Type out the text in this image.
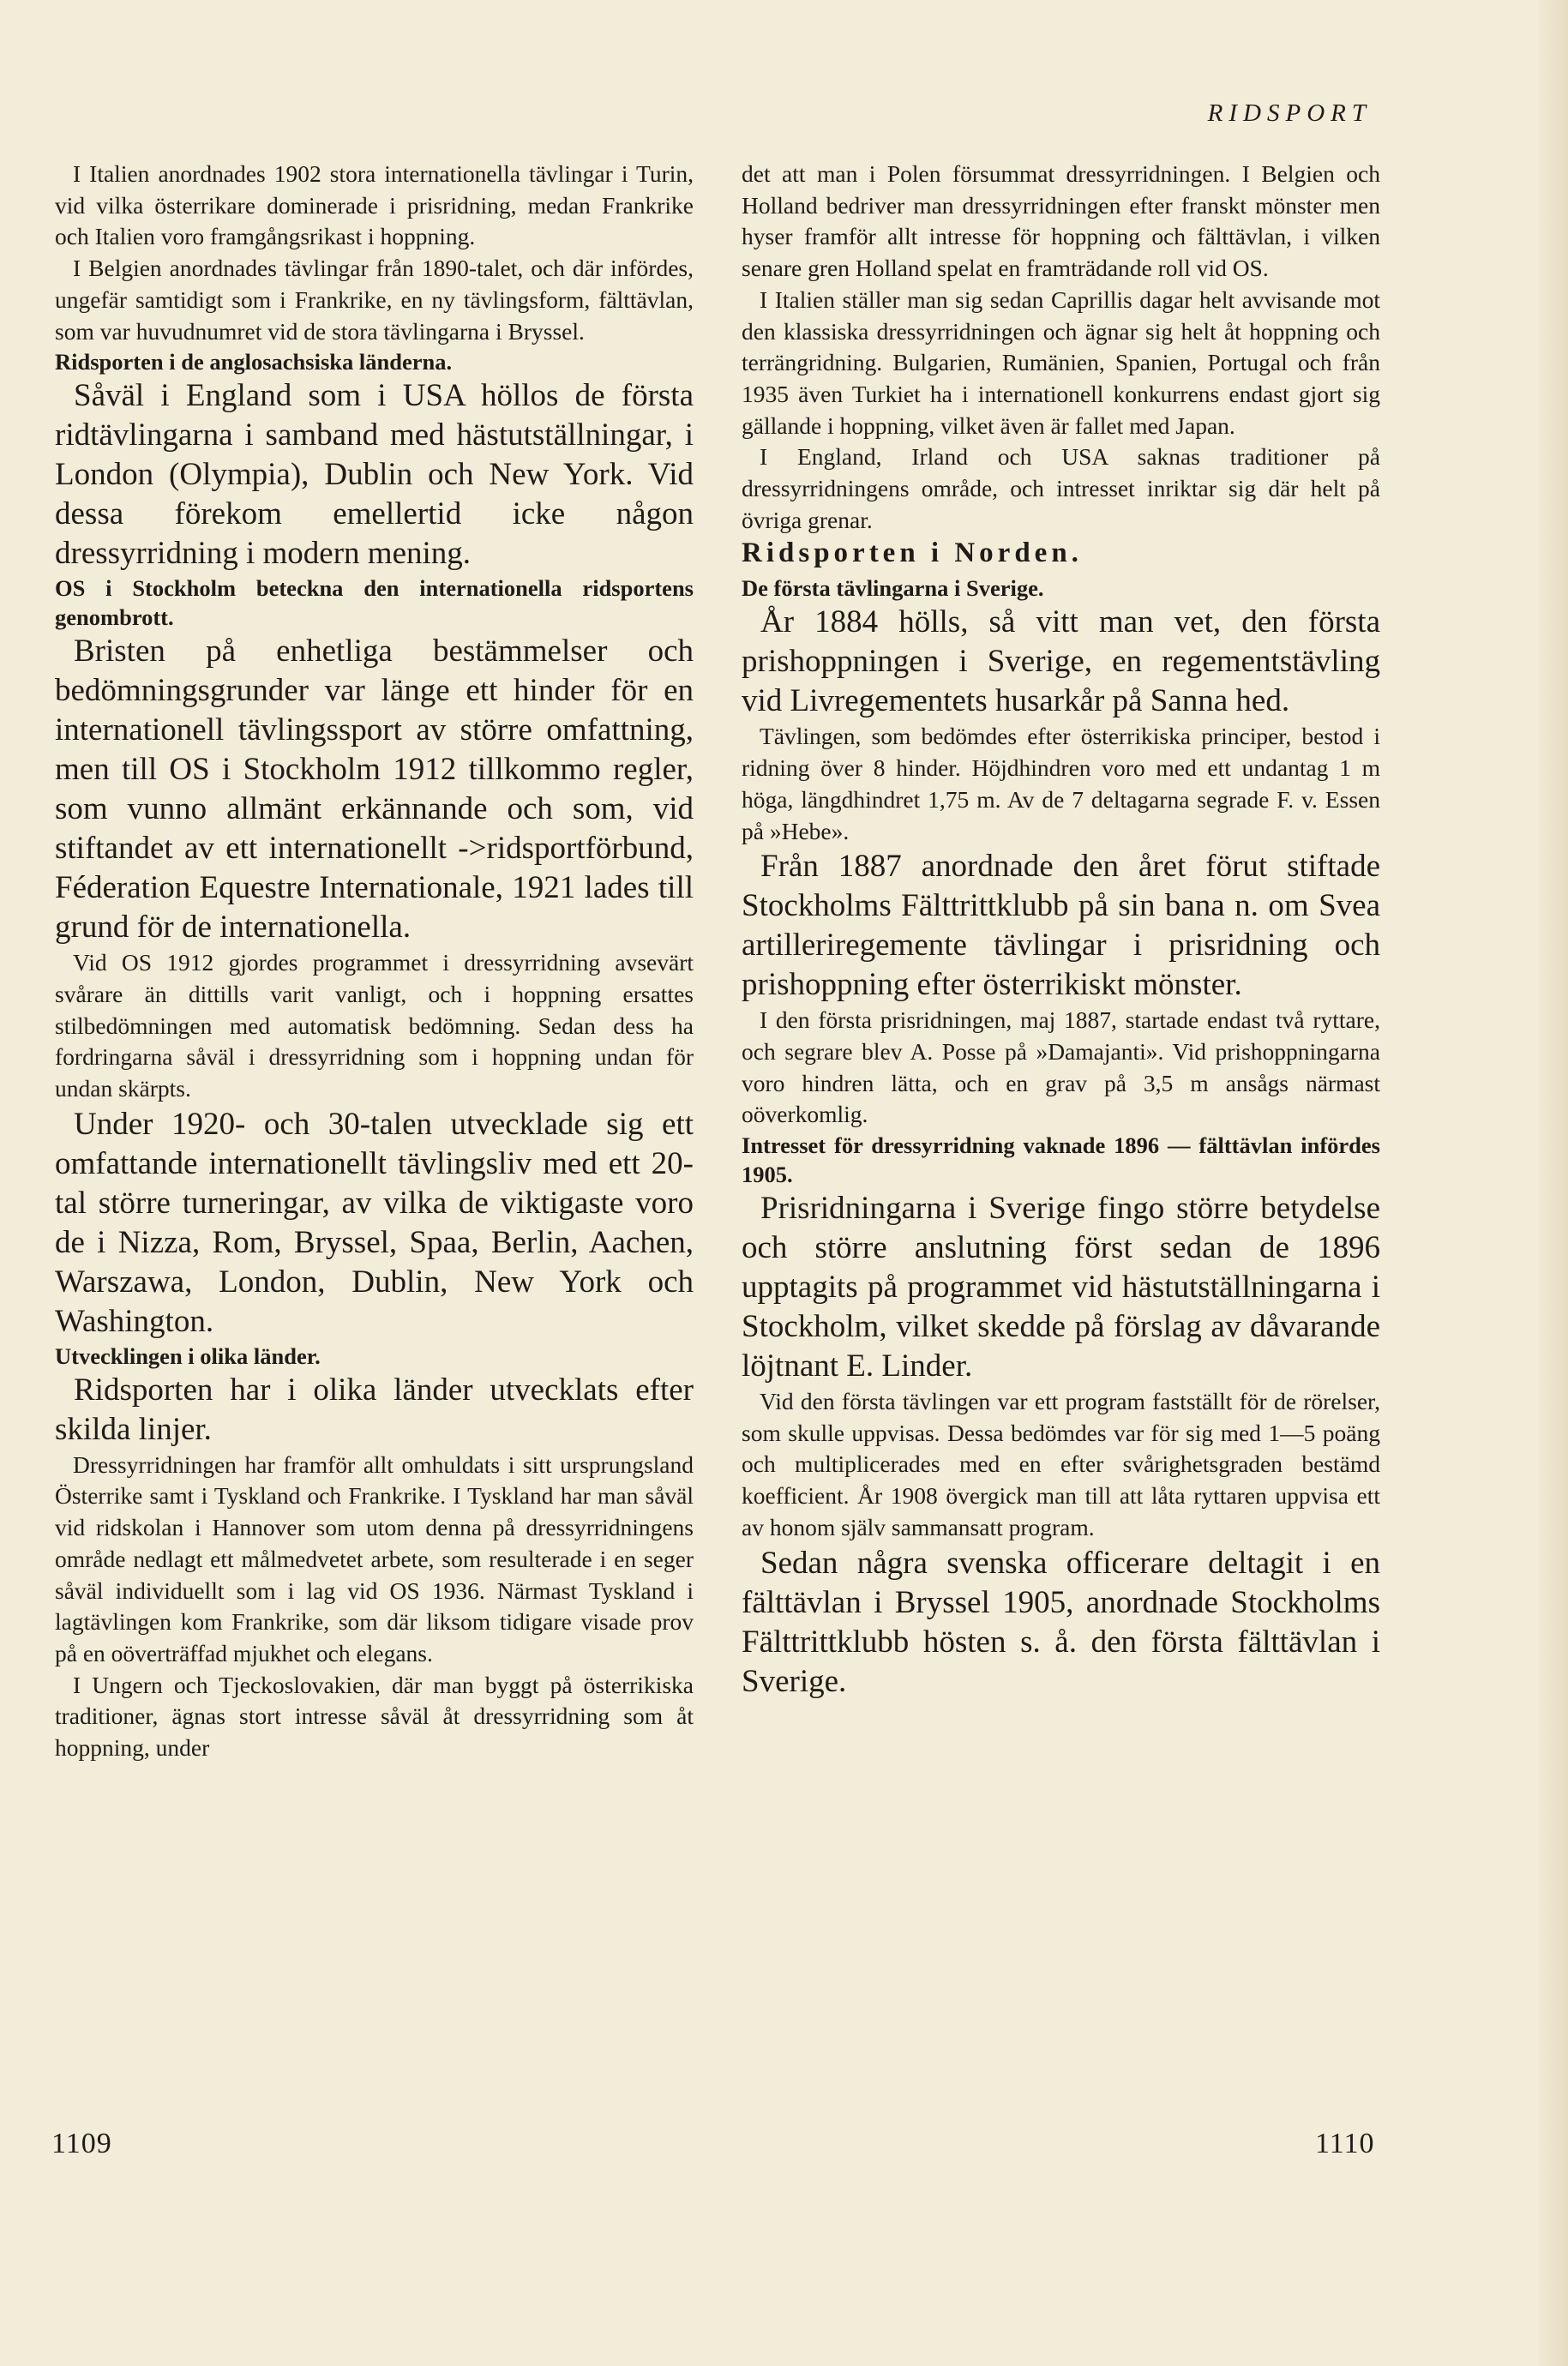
RIDSPORT

I Italien anordnades 1902 stora internationella tävlingar i Turin, vid vilka österrikare dominerade i prisridning, medan Frankrike och Italien voro framgångsrikast i hoppning.

I Belgien anordnades tävlingar från 1890-talet, och där infördes, ungefär samtidigt som i Frankrike, en ny tävlingsform, fälttävlan, som var huvudnumret vid de stora tävlingarna i Bryssel.

Ridsporten i de anglosachsiska länderna.

Såväl i England som i USA höllos de första ridtävlingarna i samband med hästutställningar, i London (Olympia), Dublin och New York. Vid dessa förekom emellertid icke någon dressyrridning i modern mening.

OS i Stockholm beteckna den internationella ridsportens genombrott.

Bristen på enhetliga bestämmelser och bedömningsgrunder var länge ett hinder för en internationell tävlingssport av större omfattning, men till OS i Stockholm 1912 tillkommo regler, som vunno allmänt erkännande och som, vid stiftandet av ett internationellt ->ridsportförbund, Féderation Equestre Internationale, 1921 lades till grund för de internationella.

Vid OS 1912 gjordes programmet i dressyrridning avsevärt svårare än dittills varit vanligt, och i hoppning ersattes stilbedömningen med automatisk bedömning. Sedan dess ha fordringarna såväl i dressyrridning som i hoppning undan för undan skärpts.

Under 1920- och 30-talen utvecklade sig ett omfattande internationellt tävlingsliv med ett 20-tal större turneringar, av vilka de viktigaste voro de i Nizza, Rom, Bryssel, Spaa, Berlin, Aachen, Warszawa, London, Dublin, New York och Washington.

Utvecklingen i olika länder.

Ridsporten har i olika länder utvecklats efter skilda linjer.

Dressyrridningen har framför allt omhuldats i sitt ursprungsland Österrike samt i Tyskland och Frankrike. I Tyskland har man såväl vid ridskolan i Hannover som utom denna på dressyrridningens område nedlagt ett målmedvetet arbete, som resulterade i en seger såväl individuellt som i lag vid OS 1936. Närmast Tyskland i lagtävlingen kom Frankrike, som där liksom tidigare visade prov på en oöverträffad mjukhet och elegans.

I Ungern och Tjeckoslovakien, där man byggt på österrikiska traditioner, ägnas stort intresse såväl åt dressyrridning som åt hoppning, under

det att man i Polen försummat dressyrridningen. I Belgien och Holland bedriver man dressyrridningen efter franskt mönster men hyser framför allt intresse för hoppning och fälttävlan, i vilken senare gren Holland spelat en framträdande roll vid OS.

I Italien ställer man sig sedan Caprillis dagar helt avvisande mot den klassiska dressyrridningen och ägnar sig helt åt hoppning och terrängridning. Bulgarien, Rumänien, Spanien, Portugal och från 1935 även Turkiet ha i internationell konkurrens endast gjort sig gällande i hoppning, vilket även är fallet med Japan.

I England, Irland och USA saknas traditioner på dressyrridningens område, och intresset inriktar sig där helt på övriga grenar.

Ridsporten i Norden.

De första tävlingarna i Sverige.

År 1884 hölls, så vitt man vet, den första prishoppningen i Sverige, en regementstävling vid Livregementets husarkår på Sanna hed.

Tävlingen, som bedömdes efter österrikiska principer, bestod i ridning över 8 hinder. Höjdhindren voro med ett undantag 1 m höga, längdhindret 1,75 m. Av de 7 deltagarna segrade F. v. Essen på »Hebe».

Från 1887 anordnade den året förut stiftade Stockholms Fälttrittklubb på sin bana n. om Svea artilleriregemente tävlingar i prisridning och prishoppning efter österrikiskt mönster.

I den första prisridningen, maj 1887, startade endast två ryttare, och segrare blev A. Posse på »Damajanti». Vid prishoppningarna voro hindren lätta, och en grav på 3,5 m ansågs närmast oöverkomlig.

Intresset för dressyrridning vaknade 1896 — fälttävlan infördes 1905.

Prisridningarna i Sverige fingo större betydelse och större anslutning först sedan de 1896 upptagits på programmet vid hästutställningarna i Stockholm, vilket skedde på förslag av dåvarande löjtnant E. Linder.

Vid den första tävlingen var ett program fastställt för de rörelser, som skulle uppvisas. Dessa bedömdes var för sig med 1—5 poäng och multiplicerades med en efter svårighetsgraden bestämd koefficient. År 1908 övergick man till att låta ryttaren uppvisa ett av honom själv sammansatt program.

Sedan några svenska officerare deltagit i en fälttävlan i Bryssel 1905, anordnade Stockholms Fälttrittklubb hösten s. å. den första fälttävlan i Sverige.

1109	1110
